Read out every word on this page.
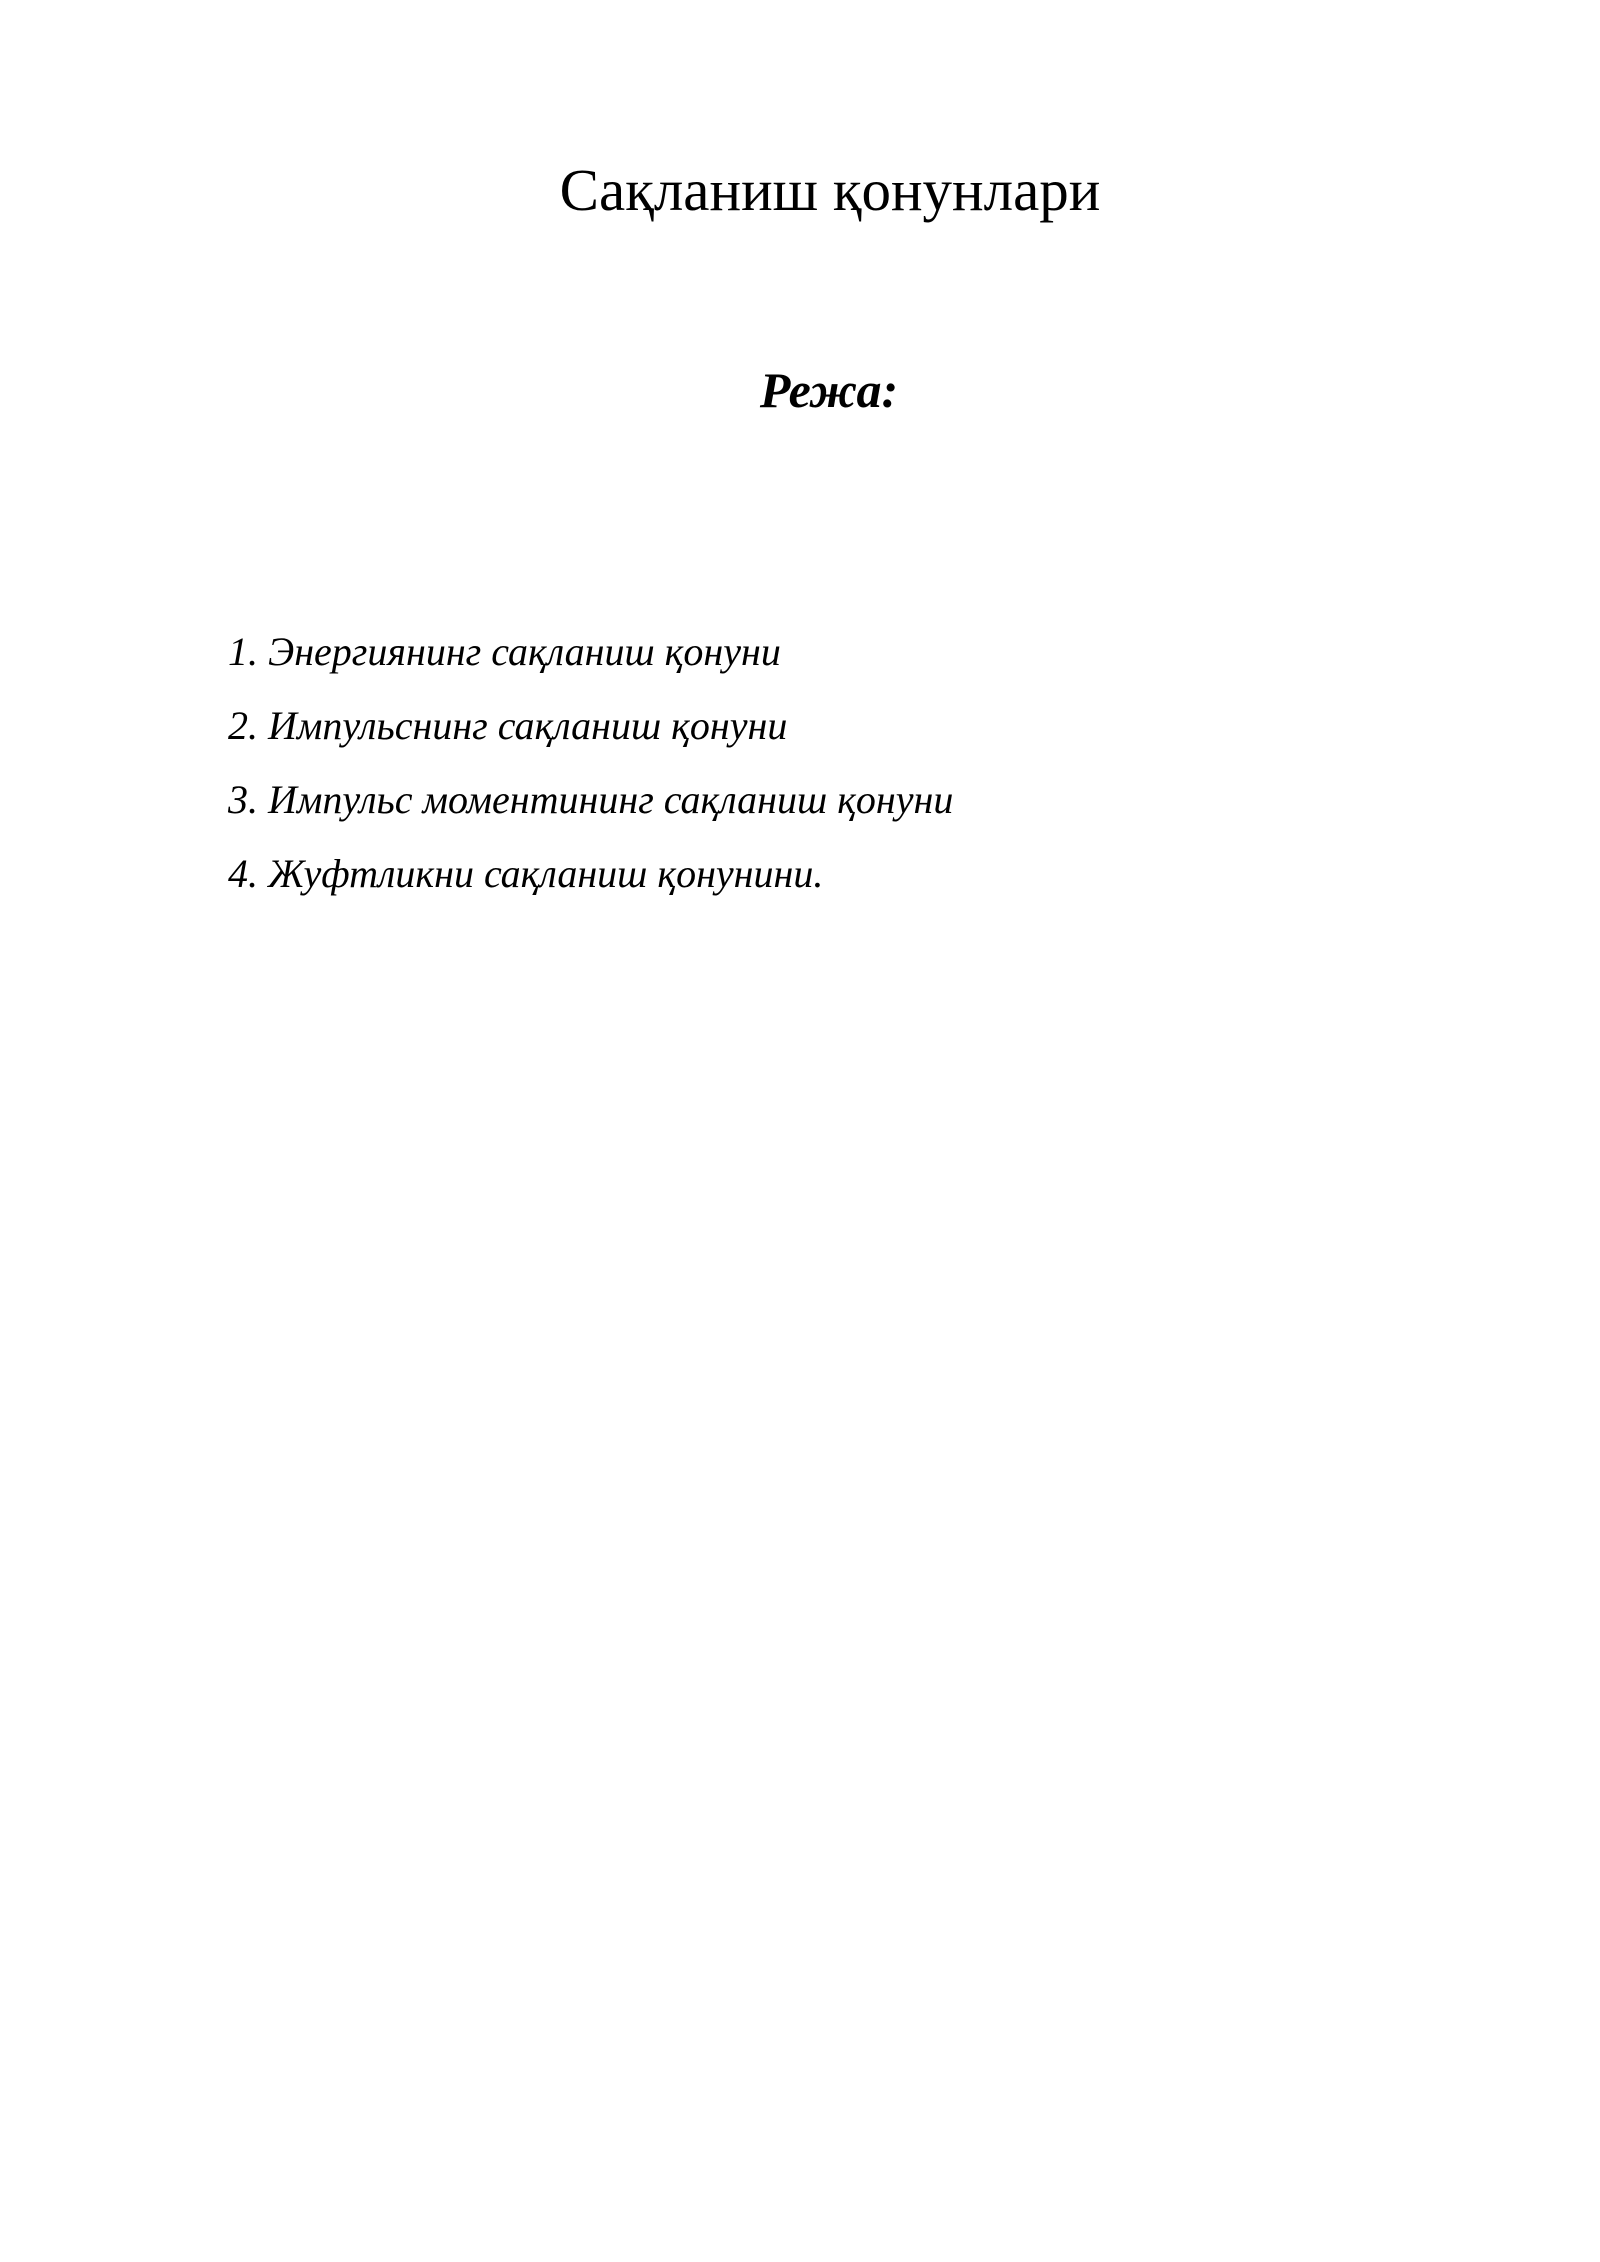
Сақланиш қонунлари
Режа:
1. Энергиянинг сақланиш қонуни
2. Импульснинг сақланиш қонуни
3. Импульс моментининг сақланиш қонуни
4. Жуфтликни сақланиш қонунини.
